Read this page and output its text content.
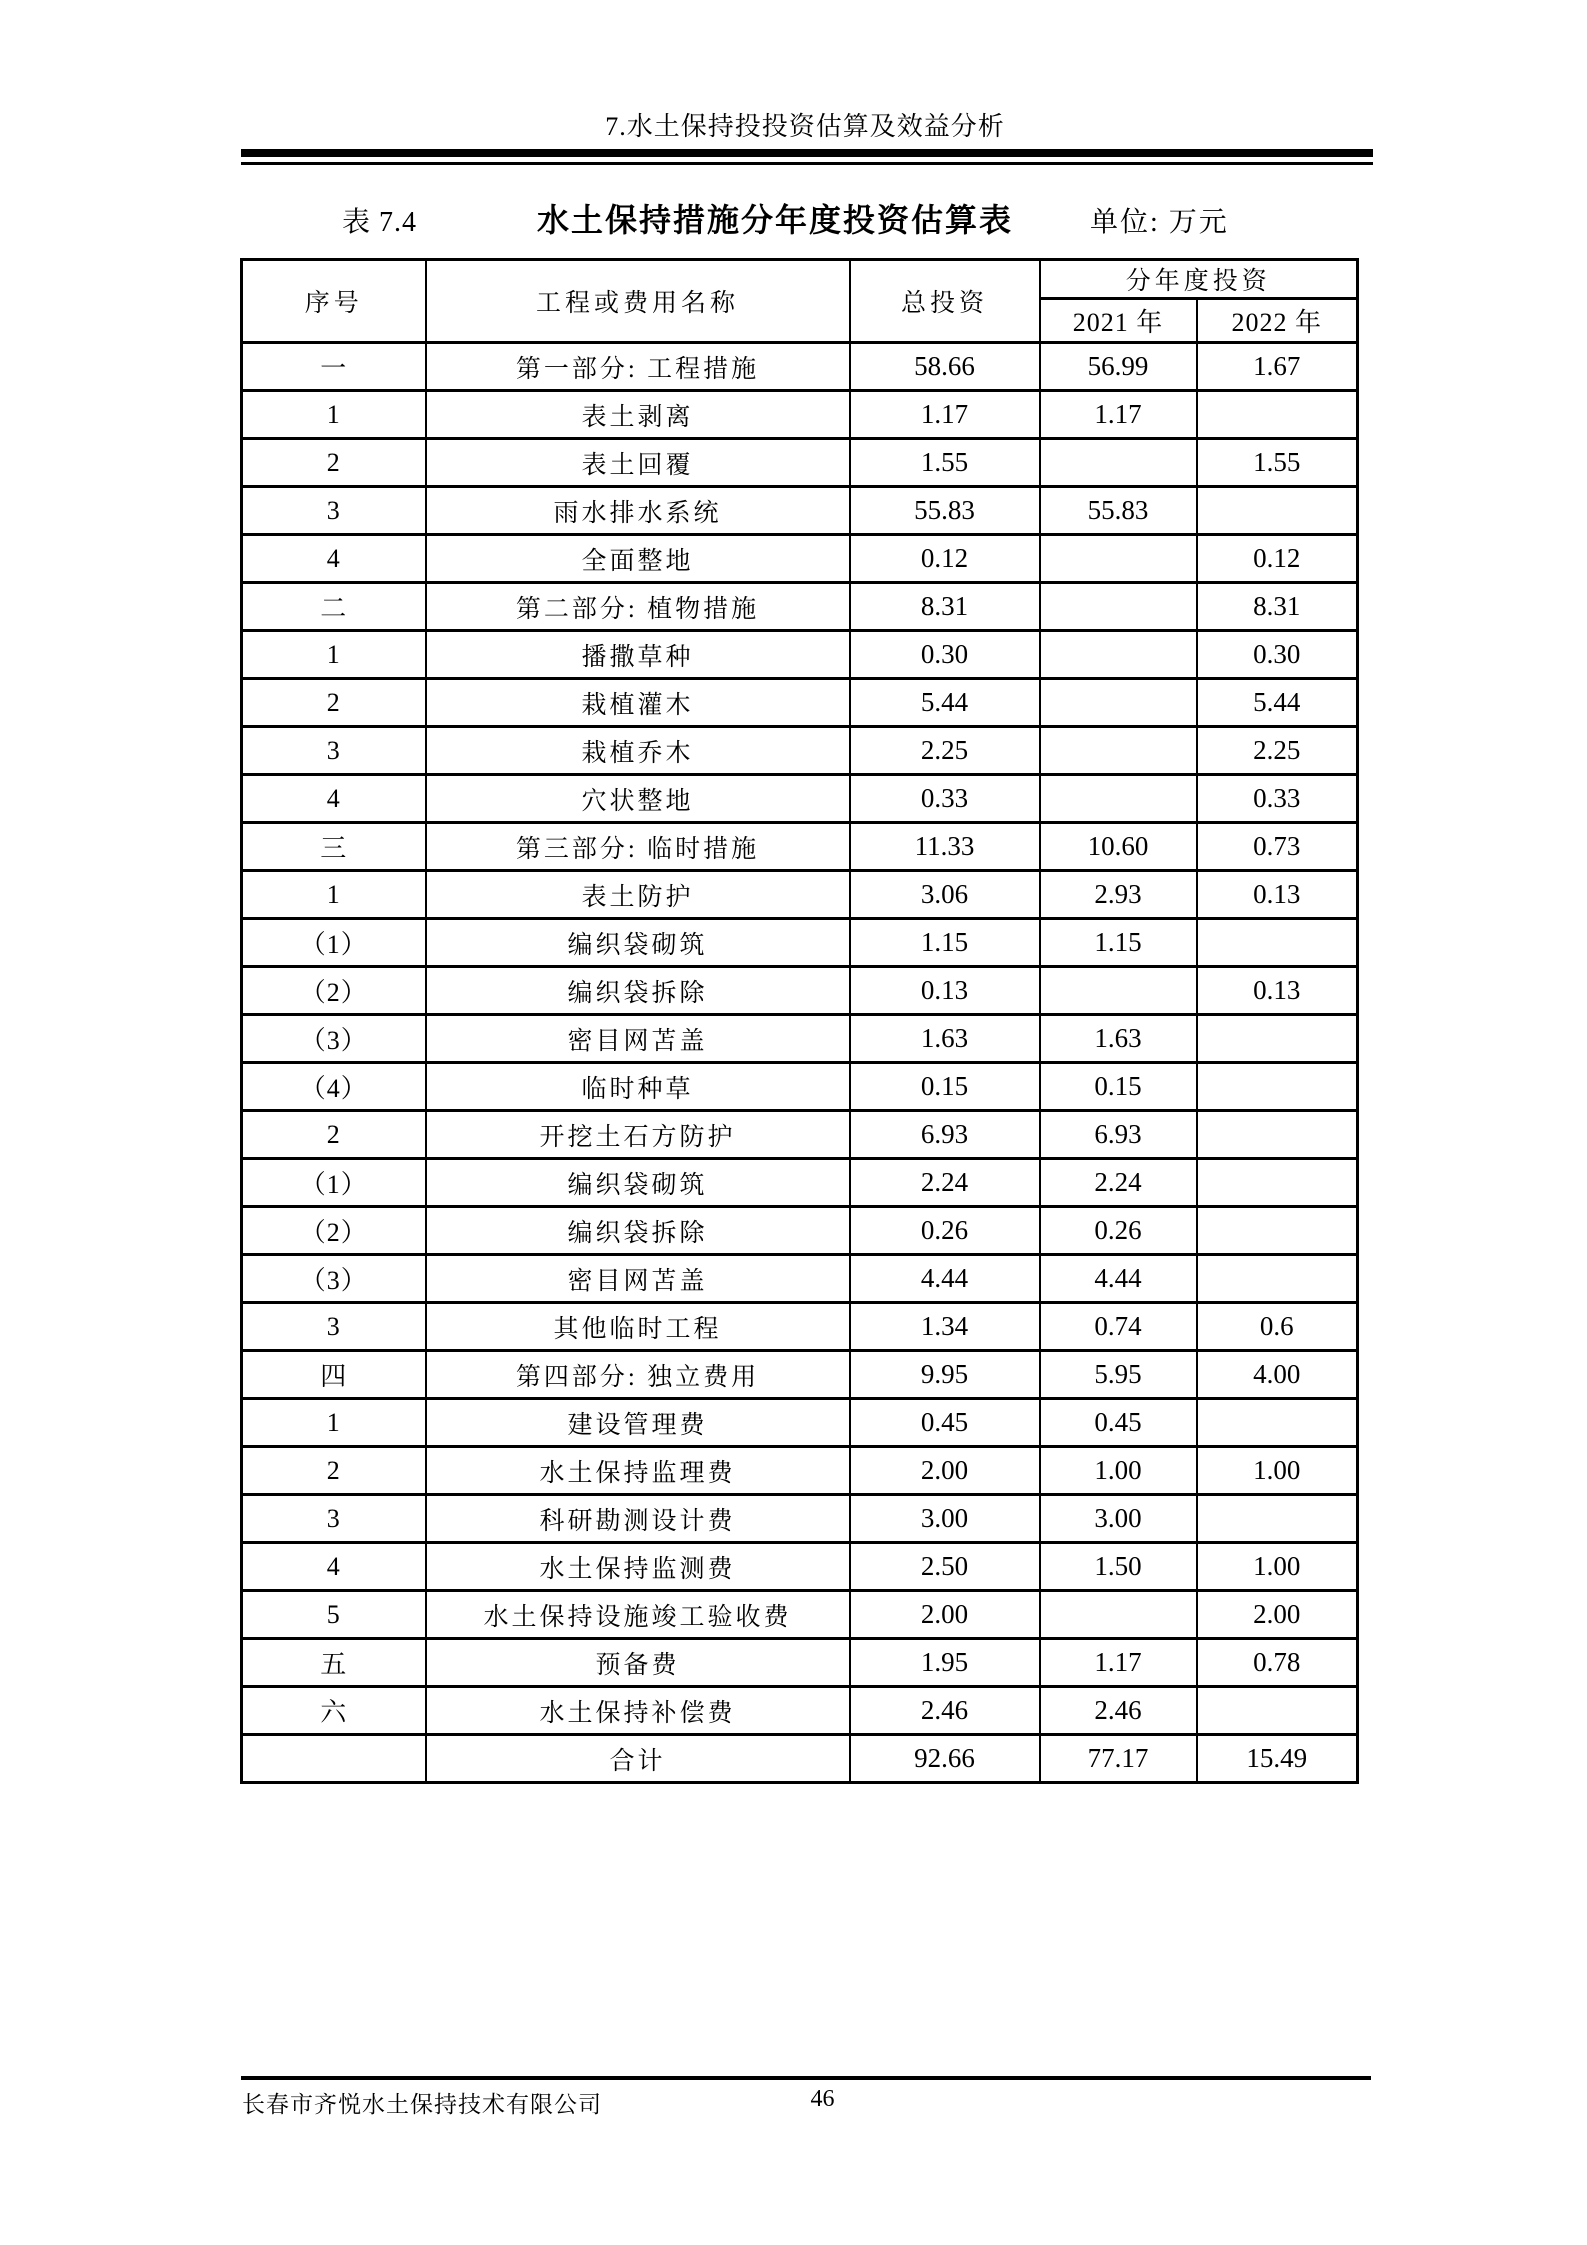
7.水土保持投投资估算及效益分析
水土保持措施分年度投资估算表
表 7.4	单位: 万元
序号	工程或费用名称	总投资	分年度投资	
			2021 年	2022 年
一	第一部分: 工程措施	58.66	56.99	1.67
1	表土剥离	1.17	1.17	
2	表土回覆	1.55		1.55
3	雨水排水系统	55.83	55.83	
4	全面整地	0.12		0.12
二	第二部分: 植物措施	8.31		8.31
1	播撒草种	0.30		0.30
2	栽植灌木	5.44		5.44
3	栽植乔木	2.25		2.25
4	穴状整地	0.33		0.33
三	第三部分: 临时措施	11.33	10.60	0.73
1	表土防护	3.06	2.93	0.13
（1）	编织袋砌筑	1.15	1.15	
（2）	编织袋拆除	0.13		0.13
（3）	密目网苫盖	1.63	1.63	
（4）	临时种草	0.15	0.15	
2	开挖土石方防护	6.93	6.93	
（1）	编织袋砌筑	2.24	2.24	
（2）	编织袋拆除	0.26	0.26	
（3）	密目网苫盖	4.44	4.44	
3	其他临时工程	1.34	0.74	0.6
四	第四部分: 独立费用	9.95	5.95	4.00
1	建设管理费	0.45	0.45	
2	水土保持监理费	2.00	1.00	1.00
3	科研勘测设计费	3.00	3.00	
4	水土保持监测费	2.50	1.50	1.00
5	水土保持设施竣工验收费	2.00		2.00
五	预备费	1.95	1.17	0.78
六	水土保持补偿费	2.46	2.46	
	合计	92.66	77.17	15.49
长春市齐悦水土保持技术有限公司	46
